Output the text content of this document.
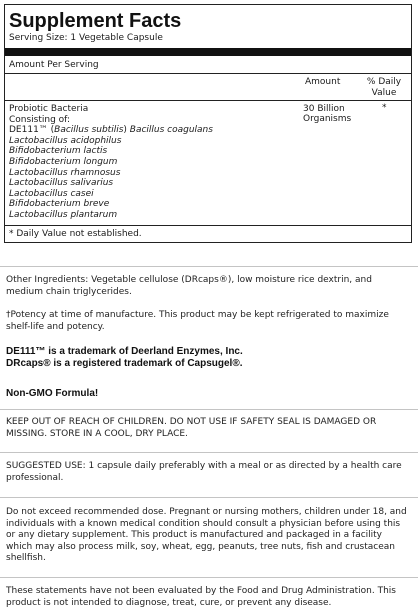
Supplement Facts
Serving Size: 1 Vegetable Capsule
Amount Per Serving
Amount	% Daily
Value
Probiotic Bacteria
Consisting of:
DE111™ (Bacillus subtilis) Bacillus coagulans
Lactobacillus acidophilus
Bifidobacterium lactis
Bifidobacterium longum
Lactobacillus rhamnosus
Lactobacillus salivarius
Lactobacillus casei
Bifidobacterium breve
Lactobacillus plantarum
30 Billion
Organisms
*
* Daily Value not established.
Other Ingredients: Vegetable cellulose (DRcaps®), low moisture rice dextrin, and medium chain triglycerides.
†Potency at time of manufacture. This product may be kept refrigerated to maximize shelf-life and potency.
DE111™ is a trademark of Deerland Enzymes, Inc.
DRcaps® is a registered trademark of Capsugel®.
Non-GMO Formula!
KEEP OUT OF REACH OF CHILDREN. DO NOT USE IF SAFETY SEAL IS DAMAGED OR MISSING. STORE IN A COOL, DRY PLACE.
SUGGESTED USE: 1 capsule daily preferably with a meal or as directed by a health care professional.
Do not exceed recommended dose. Pregnant or nursing mothers, children under 18, and individuals with a known medical condition should consult a physician before using this or any dietary supplement. This product is manufactured and packaged in a facility which may also process milk, soy, wheat, egg, peanuts, tree nuts, fish and crustacean shellfish.
These statements have not been evaluated by the Food and Drug Administration. This product is not intended to diagnose, treat, cure, or prevent any disease.
